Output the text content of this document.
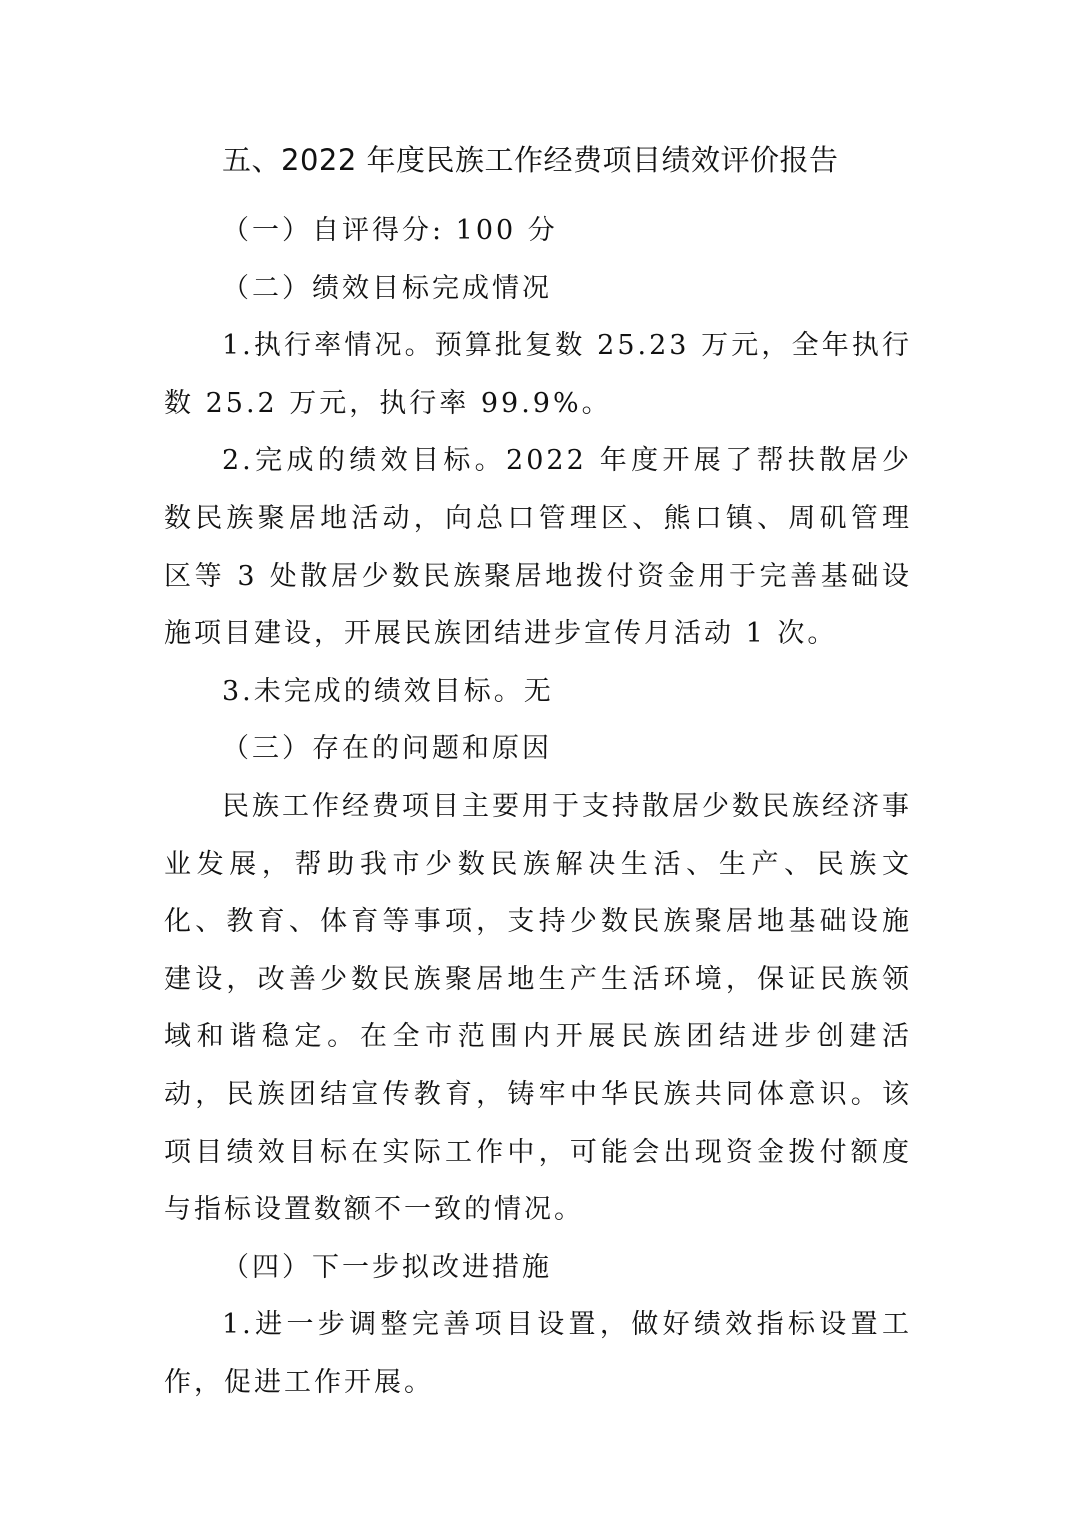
五、2022 年度民族工作经费项目绩效评价报告

（一）自评得分: 100 分

（二）绩效目标完成情况

1.执行率情况。预算批复数 25.23 万元，全年执行数 25.2 万元，执行率 99.9%。

2.完成的绩效目标。2022 年度开展了帮扶散居少数民族聚居地活动，向总口管理区、熊口镇、周矶管理区等 3 处散居少数民族聚居地拨付资金用于完善基础设施项目建设，开展民族团结进步宣传月活动 1 次。

3.未完成的绩效目标。无

（三）存在的问题和原因

民族工作经费项目主要用于支持散居少数民族经济事业发展，帮助我市少数民族解决生活、生产、民族文化、教育、体育等事项，支持少数民族聚居地基础设施建设，改善少数民族聚居地生产生活环境，保证民族领域和谐稳定。在全市范围内开展民族团结进步创建活动，民族团结宣传教育，铸牢中华民族共同体意识。该项目绩效目标在实际工作中，可能会出现资金拨付额度与指标设置数额不一致的情况。

（四）下一步拟改进措施

1.进一步调整完善项目设置，做好绩效指标设置工作，促进工作开展。
